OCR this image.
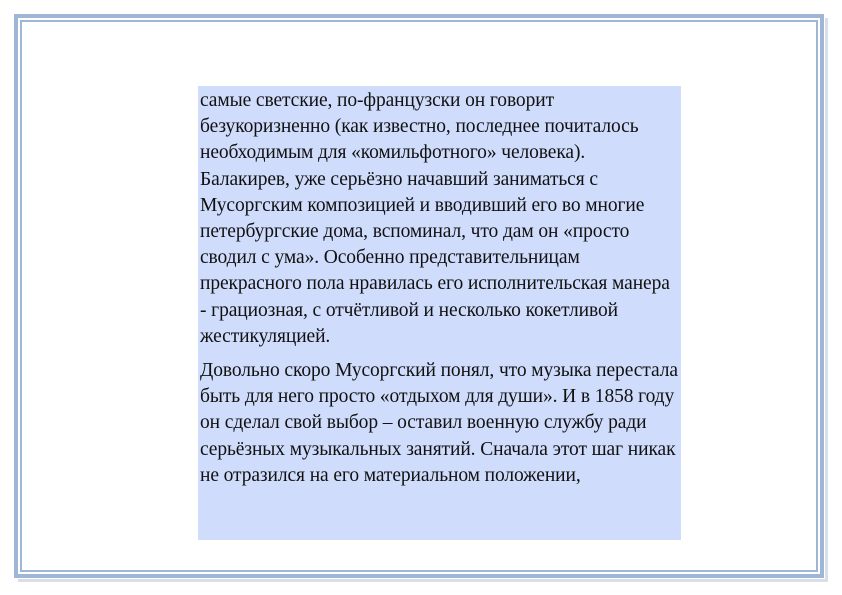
самые светские, по-французски он говорит безукоризненно (как известно, последнее почиталось необходимым для «комильфотного» человека). Балакирев, уже серьёзно начавший заниматься с Мусоргским композицией и вводивший его во многие петербургские дома, вспоминал, что дам он «просто сводил с ума». Особенно представительницам прекрасного пола нравилась его исполнительская манера - грациозная, с отчётливой и несколько кокетливой жестикуляцией.

Довольно скоро Мусоргский понял, что музыка перестала быть для него просто «отдыхом для души». И в 1858 году он сделал свой выбор – оставил военную службу ради серьёзных музыкальных занятий. Сначала этот шаг никак не отразился на его материальном положении,
